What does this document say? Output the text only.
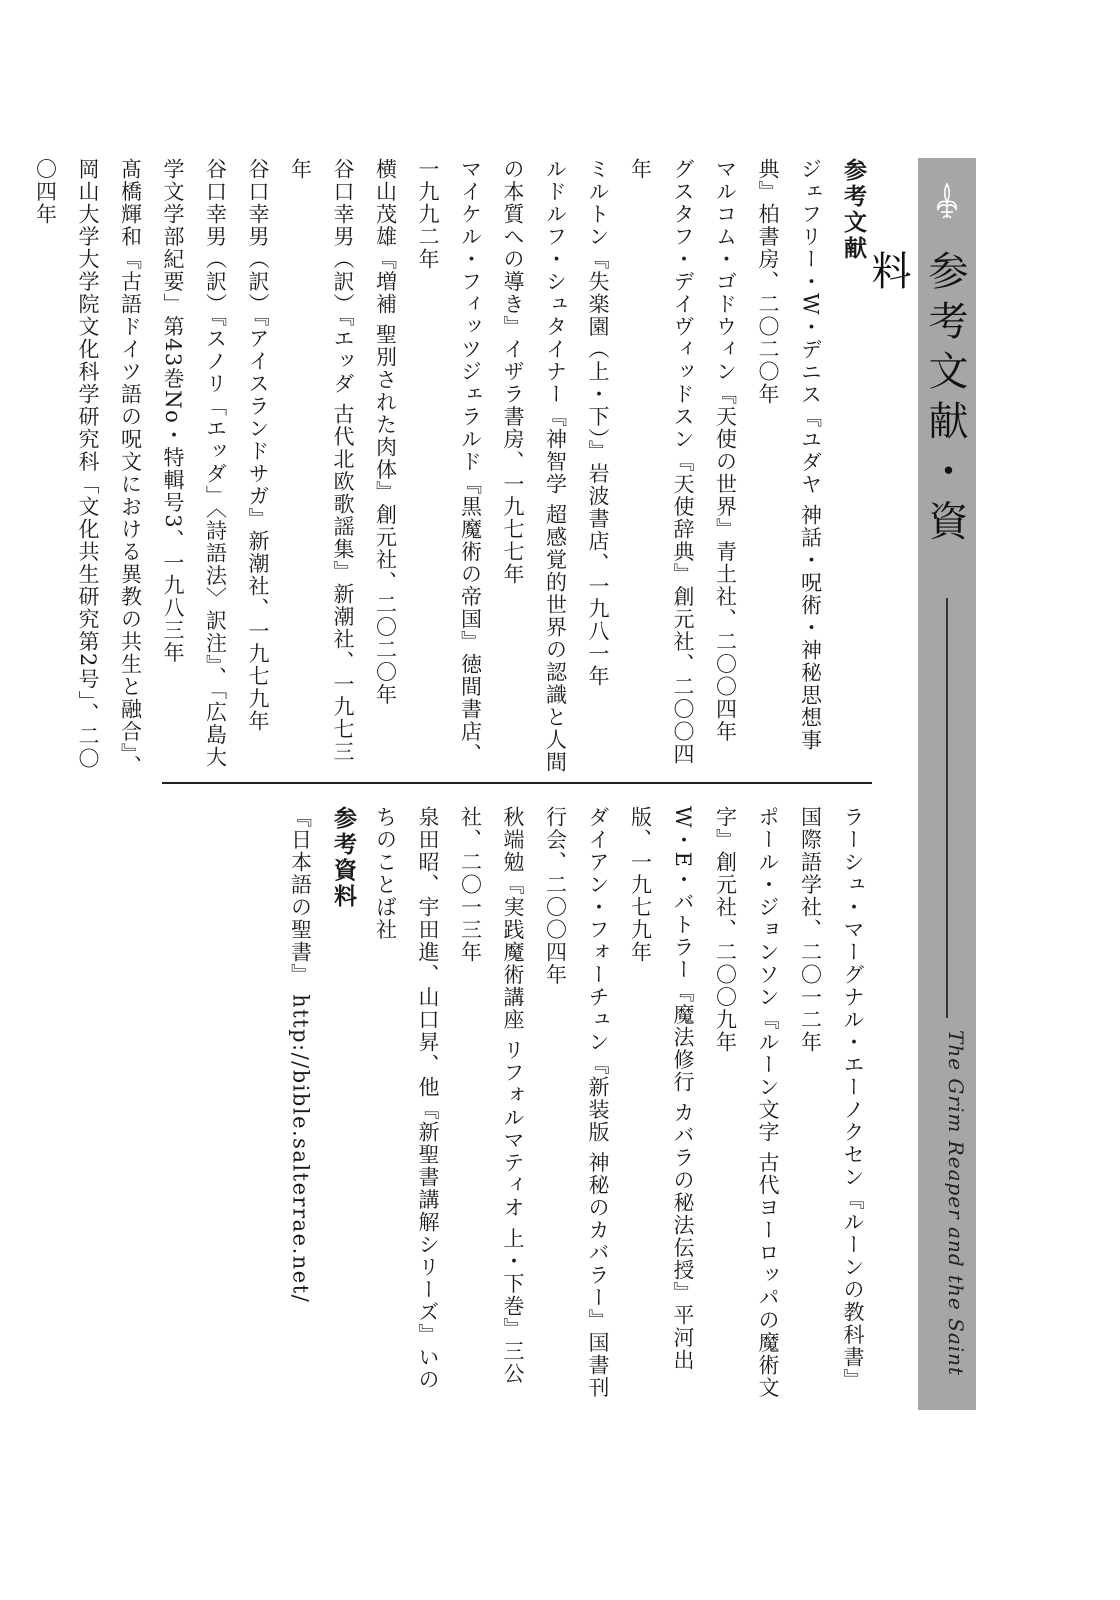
参考文献・資料
The Grim Reaper and the Saint
参考文献

ジェフリー・W・デニス『ユダヤ 神話・呪術・神秘思想事典』柏書房、二〇二〇年

マルコム・ゴドウィン『天使の世界』青土社、二〇〇四年

グスタフ・デイヴィッドスン『天使辞典』創元社、二〇〇四年

ミルトン『失楽園（上・下）』岩波書店、一九八一年

ルドルフ・シュタイナー『神智学 超感覚的世界の認識と人間の本質への導き』イザラ書房、一九七七年

マイケル・フィッツジェラルド『黒魔術の帝国』徳間書店、一九九二年

横山茂雄『増補 聖別された肉体』創元社、二〇二〇年

谷口幸男（訳）『エッダ 古代北欧歌謡集』新潮社、一九七三年

谷口幸男（訳）『アイスランドサガ』新潮社、一九七九年

谷口幸男（訳）『スノリ「エッダ」〈詩語法〉訳注』、「広島大学文学部紀要」第43巻No・特輯号3、一九八三年

髙橋輝和『古語ドイツ語の呪文における異教の共生と融合』、岡山大学大学院文化科学研究科「文化共生研究第2号」、二〇〇四年

ラーシュ・マーグナル・エーノクセン『ルーンの教科書』国際語学社、二〇一二年

ポール・ジョンソン『ルーン文字 古代ヨーロッパの魔術文字』創元社、二〇〇九年

W・E・バトラー『魔法修行 カバラの秘法伝授』平河出版、一九七九年

ダイアン・フォーチュン『新装版 神秘のカバラー』国書刊行会、二〇〇四年

秋端勉『実践魔術講座 リフォルマティオ 上・下巻』三公社、二〇一三年

泉田昭、宇田進、山口昇、他『新聖書講解シリーズ』いのちのことば社

参考資料

『日本語の聖書』 http://bible.salterrae.net/
